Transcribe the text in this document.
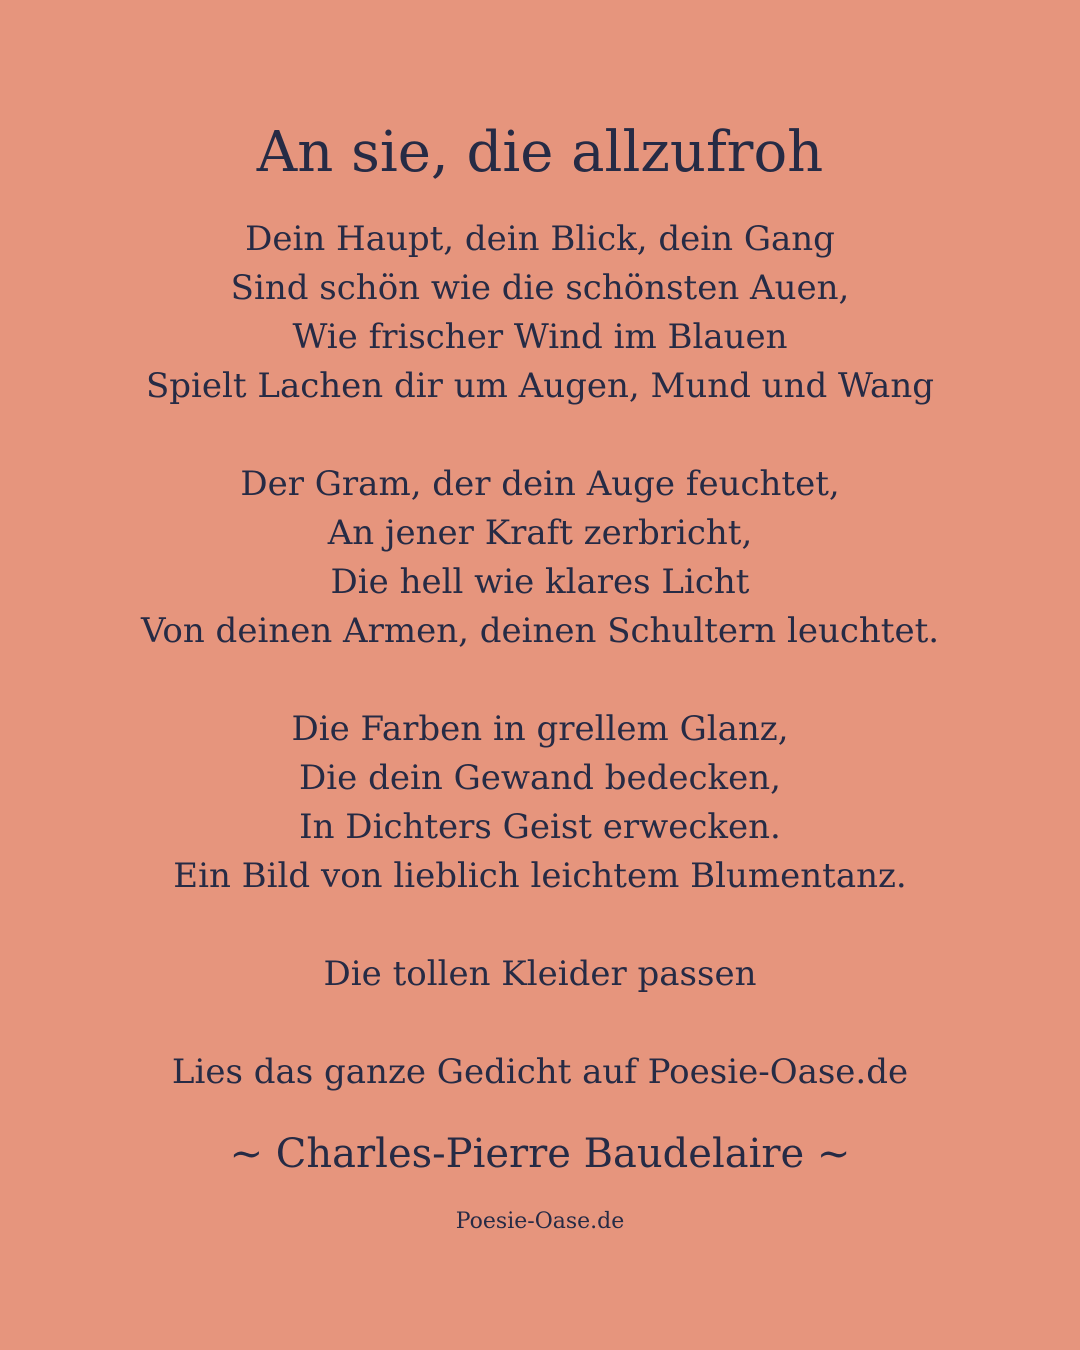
An sie, die allzufroh
Dein Haupt, dein Blick, dein Gang
Sind schön wie die schönsten Auen,
Wie frischer Wind im Blauen
Spielt Lachen dir um Augen, Mund und Wang
Der Gram, der dein Auge feuchtet,
An jener Kraft zerbricht,
Die hell wie klares Licht
Von deinen Armen, deinen Schultern leuchtet.
Die Farben in grellem Glanz,
Die dein Gewand bedecken,
In Dichters Geist erwecken.
Ein Bild von lieblich leichtem Blumentanz.
Die tollen Kleider passen
Lies das ganze Gedicht auf Poesie-Oase.de
~ Charles-Pierre Baudelaire ~
Poesie-Oase.de
